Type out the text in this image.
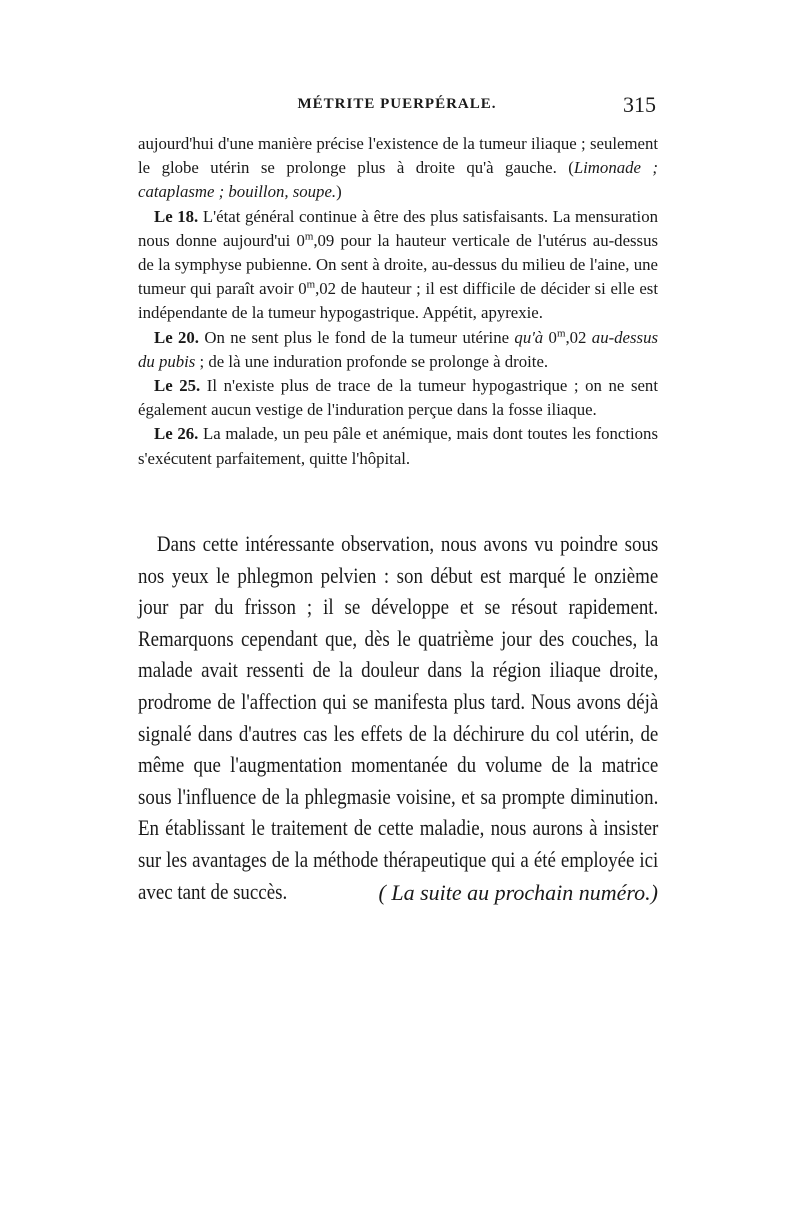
MÉTRITE PUERPÉRALE.	315

aujourd'hui d'une manière précise l'existence de la tumeur iliaque ; seulement le globe utérin se prolonge plus à droite qu'à gauche. (Limonade ; cataplasme ; bouillon, soupe.)

Le 18. L'état général continue à être des plus satisfaisants. La mensuration nous donne aujourd'ui 0$^m$,09 pour la hauteur verticale de l'utérus au-dessus de la symphyse pubienne. On sent à droite, au-dessus du milieu de l'aine, une tumeur qui paraît avoir 0$^m$,02 de hauteur ; il est difficile de décider si elle est indépendante de la tumeur hypogastrique. Appétit, apyrexie.

Le 20. On ne sent plus le fond de la tumeur utérine qu'à 0$^m$,02 au-dessus du pubis ; de là une induration profonde se prolonge à droite.

Le 25. Il n'existe plus de trace de la tumeur hypogastrique ; on ne sent également aucun vestige de l'induration perçue dans la fosse iliaque.

Le 26. La malade, un peu pâle et anémique, mais dont toutes les fonctions s'exécutent parfaitement, quitte l'hôpital.

Dans cette intéressante observation, nous avons vu poindre sous nos yeux le phlegmon pelvien : son début est marqué le onzième jour par du frisson ; il se développe et se résout rapidement. Remarquons cependant que, dès le quatrième jour des couches, la malade avait ressenti de la douleur dans la région iliaque droite, prodrome de l'affection qui se manifesta plus tard. Nous avons déjà signalé dans d'autres cas les effets de la déchirure du col utérin, de même que l'augmentation momentanée du volume de la matrice sous l'influence de la phlegmasie voisine, et sa prompte diminution. En établissant le traitement de cette maladie, nous aurons à insister sur les avantages de la méthode thérapeutique qui a été employée ici avec tant de succès.	( La suite au prochain numéro.)
